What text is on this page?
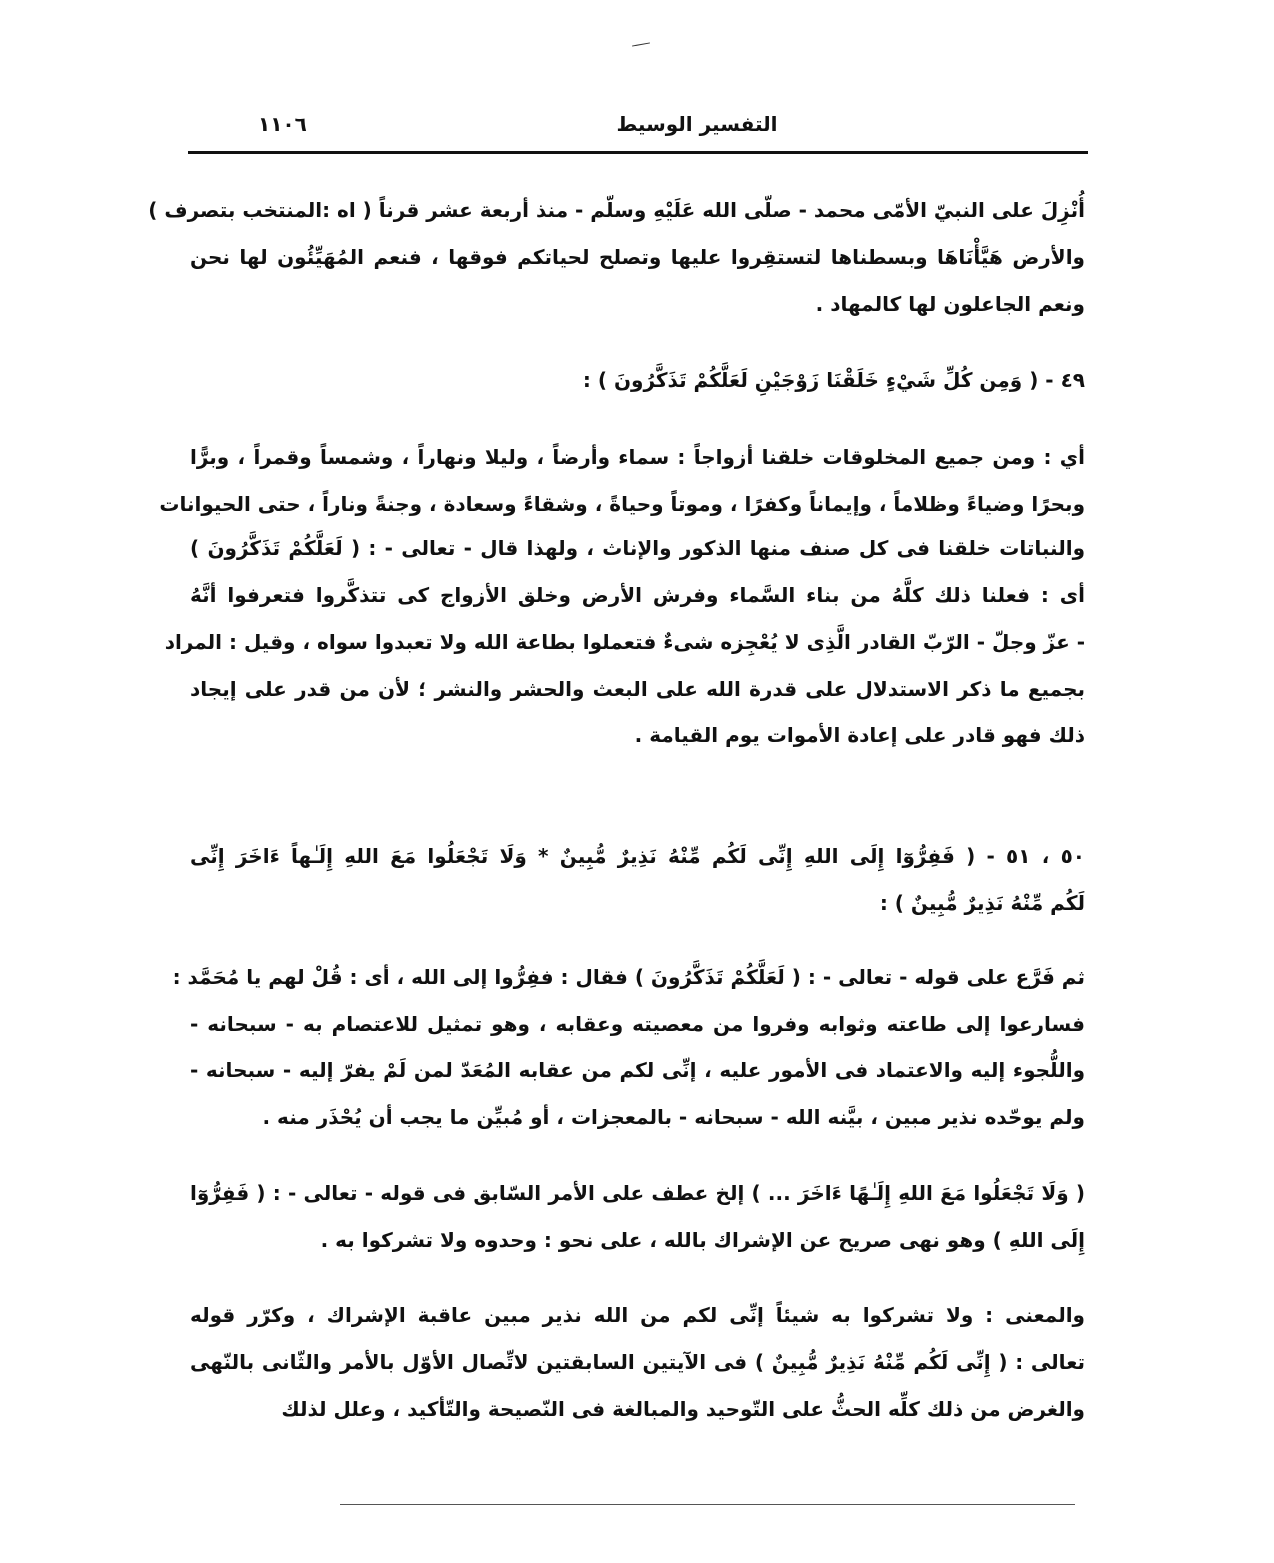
١١٠٦	التفسير الوسيط
أُنْزِلَ على النبيّ الأمّى محمد - صلّى الله عَلَيْهِ وسلّم - منذ أربعة عشر قرناً ( اه :المنتخب بتصرف )
والأرض هَيَّأْنَاهَا وبسطناها لتستقِروا عليها وتصلح لحياتكم فوقها ، فنعم المُهَيِّئُون لها نحن
ونعم الجاعلون لها كالمهاد .
٤٩ - ( وَمِن كُلِّ شَيْءٍ خَلَقْنَا زَوْجَيْنِ لَعَلَّكُمْ تَذَكَّرُونَ ) :
أي : ومن جميع المخلوقات خلقنا أزواجاً : سماء وأرضاً ، وليلا ونهاراً ، وشمساً وقمراً ، وبرًّا
وبحرًا وضياءً وظلاماً ، وإيماناً وكفرًا ، وموتاً وحياةً ، وشقاءً وسعادة ، وجنةً وناراً ، حتى الحيوانات
والنباتات خلقنا فى كل صنف منها الذكور والإناث ، ولهذا قال - تعالى - : ( لَعَلَّكُمْ تَذَكَّرُونَ )
أى : فعلنا ذلك كلَّهُ من بناء السَّماء وفرش الأرض وخلق الأزواج كى تتذكَّروا فتعرفوا أنَّهُ
- عزّ وجلّ - الرّبّ القادر الَّذِى لا يُعْجِزه شىءٌ فتعملوا بطاعة الله ولا تعبدوا سواه ، وقيل : المراد
بجميع ما ذكر الاستدلال على قدرة الله على البعث والحشر والنشر ؛ لأن من قدر على إيجاد
ذلك فهو قادر على إعادة الأموات يوم القيامة .
٥٠ ، ٥١ - ( فَفِرُّوٓا إِلَى اللهِ إِنِّى لَكُم مِّنْهُ نَذِيرٌ مُّبِينٌ * وَلَا تَجْعَلُوا مَعَ اللهِ إِلَـٰهاً ءَاخَرَ إِنِّى
لَكُم مِّنْهُ نَذِيرٌ مُّبِينٌ ) :
ثم فَرَّع على قوله - تعالى - : ( لَعَلَّكُمْ تَذَكَّرُونَ ) فقال : ففِرُّوا إلى الله ، أى : قُلْ لهم يا مُحَمَّد :
فسارعوا إلى طاعته وثوابه وفروا من معصيته وعقابه ، وهو تمثيل للاعتصام به - سبحانه -
واللُّجوء إليه والاعتماد فى الأمور عليه ، إنِّى لكم من عقابه المُعَدّ لمن لَمْ يفرّ إليه - سبحانه -
ولم يوحّده نذير مبين ، بيَّنه الله - سبحانه - بالمعجزات ، أو مُبيِّن ما يجب أن يُحْذَر منه .
( وَلَا تَجْعَلُوا مَعَ اللهِ إِلَـٰهًا ءَاخَرَ ... ) إلخ عطف على الأمر السّابق فى قوله - تعالى - : ( فَفِرُّوٓا
إِلَى اللهِ ) وهو نهى صريح عن الإشراك بالله ، على نحو : وحدوه ولا تشركوا به .
والمعنى : ولا تشركوا به شيئاً إنِّى لكم من الله نذير مبين عاقبة الإشراك ، وكرّر قوله
تعالى : ( إِنِّى لَكُم مِّنْهُ نَذِيرٌ مُّبِينٌ ) فى الآيتين السابقتين لاتِّصال الأوّل بالأمر والثّانى بالنّهى
والغرض من ذلك كلِّه الحثُّ على التّوحيد والمبالغة فى النّصيحة والتّأكيد ، وعلل لذلك
